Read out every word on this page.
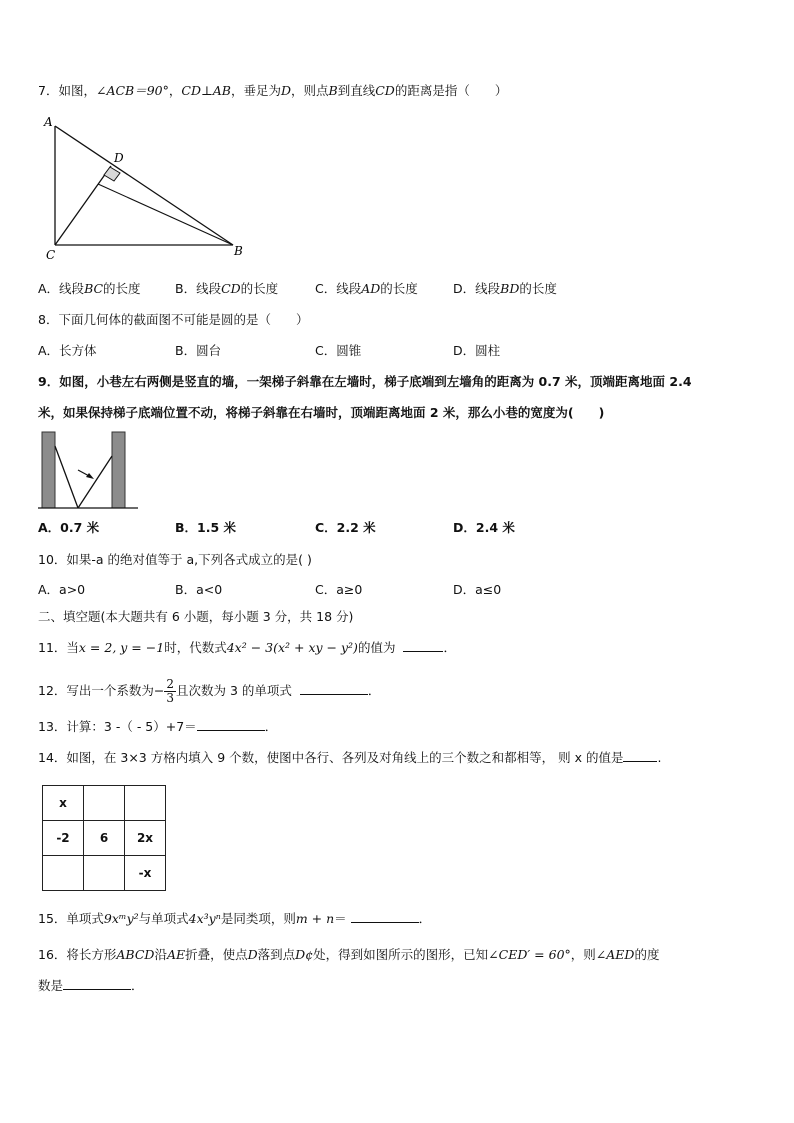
7．如图，∠ACB＝90°，CD⊥AB，垂足为D，则点B到直线CD的距离是指（　　）
A
D
C	B
A．线段BC的长度	B．线段CD的长度	C．线段AD的长度	D．线段BD的长度
8．下面几何体的截面图不可能是圆的是（　　）
A．长方体	B．圆台	C．圆锥	D．圆柱
9．如图，小巷左右两侧是竖直的墙，一架梯子斜靠在左墙时，梯子底端到左墙角的距离为 0.7 米，顶端距离地面 2.4
米，如果保持梯子底端位置不动，将梯子斜靠在右墙时，顶端距离地面 2 米，那么小巷的宽度为(　　)
A．0.7 米	B．1.5 米	C．2.2 米	D．2.4 米
10．如果-a 的绝对值等于 a,下列各式成立的是( )
A．a>0	B．a<0	C．a≥0	D．a≤0
二、填空题(本大题共有 6 小题，每小题 3 分，共 18 分)
11．当x = 2, y = −1时，代数式4x² − 3(x² + xy − y²)的值为	．
12．写出一个系数为− $\frac{2}{3}$ 且次数为 3 的单项式	．
13．计算：3 -（ - 5）+7＝	．
14．如图，在 3×3 方格内填入 9 个数，使图中各行、各列及对角线上的三个数之和都相等， 则 x 的值是	.
x		
-2	6	2x
		-x
15．单项式9xᵐy²与单项式4x³yⁿ是同类项，则m + n＝	．
16．将长方形ABCD沿AE折叠，使点D落到点D¢处，得到如图所示的图形，已知∠CED′ = 60°，则∠AED的度
数是	．
